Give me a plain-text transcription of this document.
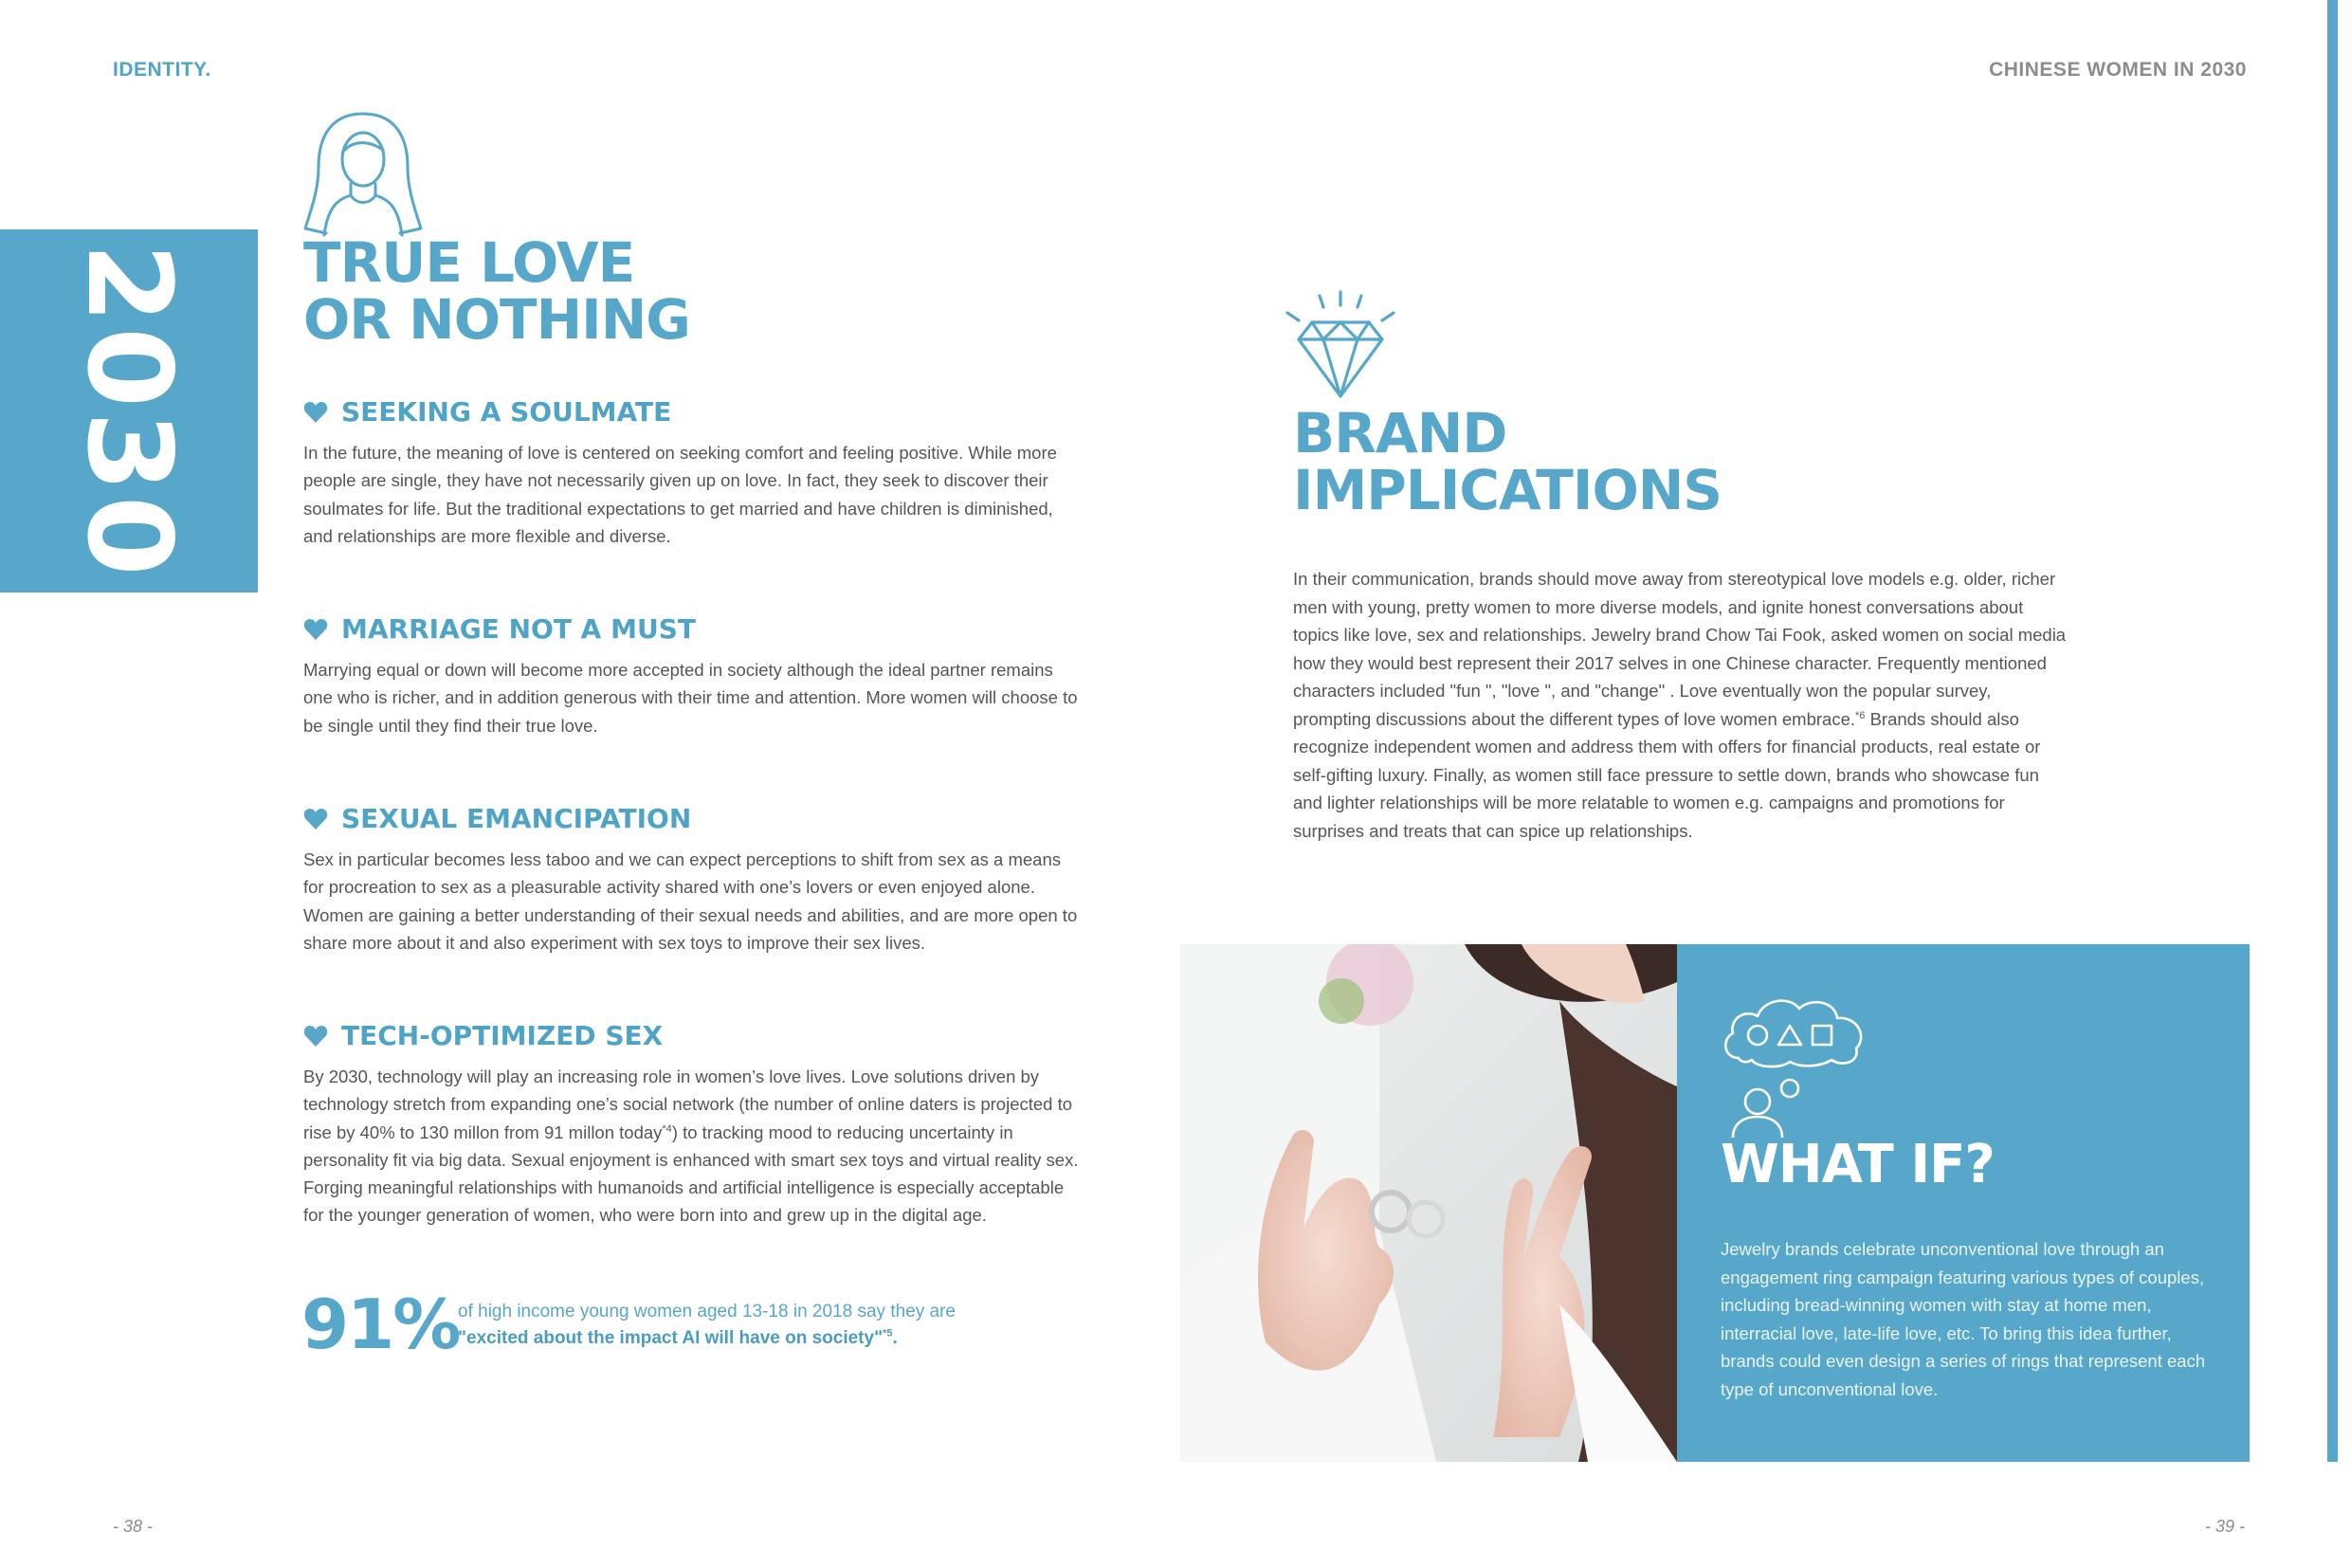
IDENTITY.	CHINESE WOMEN IN 2030
2030 TRUE LOVE
OR NOTHING
SEEKING A SOULMATE
In the future, the meaning of love is centered on seeking comfort and feeling positive. While more people are single, they have not necessarily given up on love. In fact, they seek to discover their soulmates for life. But the traditional expectations to get married and have children is diminished, and relationships are more flexible and diverse.
MARRIAGE NOT A MUST
Marrying equal or down will become more accepted in society although the ideal partner remains one who is richer, and in addition generous with their time and attention. More women will choose to be single until they find their true love.
SEXUAL EMANCIPATION
Sex in particular becomes less taboo and we can expect perceptions to shift from sex as a means for procreation to sex as a pleasurable activity shared with one’s lovers or even enjoyed alone. Women are gaining a better understanding of their sexual needs and abilities, and are more open to share more about it and also experiment with sex toys to improve their sex lives.
TECH-OPTIMIZED SEX
By 2030, technology will play an increasing role in women’s love lives. Love solutions driven by technology stretch from expanding one’s social network (the number of online daters is projected to rise by 40% to 130 millon from 91 millon today$^{*4}$) to tracking mood to reducing uncertainty in personality fit via big data. Sexual enjoyment is enhanced with smart sex toys and virtual reality sex. Forging meaningful relationships with humanoids and artificial intelligence is especially acceptable for the younger generation of women, who were born into and grew up in the digital age.
91%
of high income young women aged 13-18 in 2018 say they are
"excited about the impact AI will have on society"$^{*5}$.
BRAND
IMPLICATIONS
In their communication, brands should move away from stereotypical love models e.g. older, richer men with young, pretty women to more diverse models, and ignite honest conversations about topics like love, sex and relationships. Jewelry brand Chow Tai Fook, asked women on social media how they would best represent their 2017 selves in one Chinese character. Frequently mentioned characters included "fun ", "love ", and "change" . Love eventually won the popular survey, prompting discussions about the different types of love women embrace.$^{*6}$ Brands should also recognize independent women and address them with offers for financial products, real estate or self-gifting luxury. Finally, as women still face pressure to settle down, brands who showcase fun and lighter relationships will be more relatable to women e.g. campaigns and promotions for surprises and treats that can spice up relationships.
WHAT IF?
Jewelry brands celebrate unconventional love through an engagement ring campaign featuring various types of couples, including bread-winning women with stay at home men, interracial love, late-life love, etc. To bring this idea further, brands could even design a series of rings that represent each type of unconventional love.
- 38 -	- 39 -
